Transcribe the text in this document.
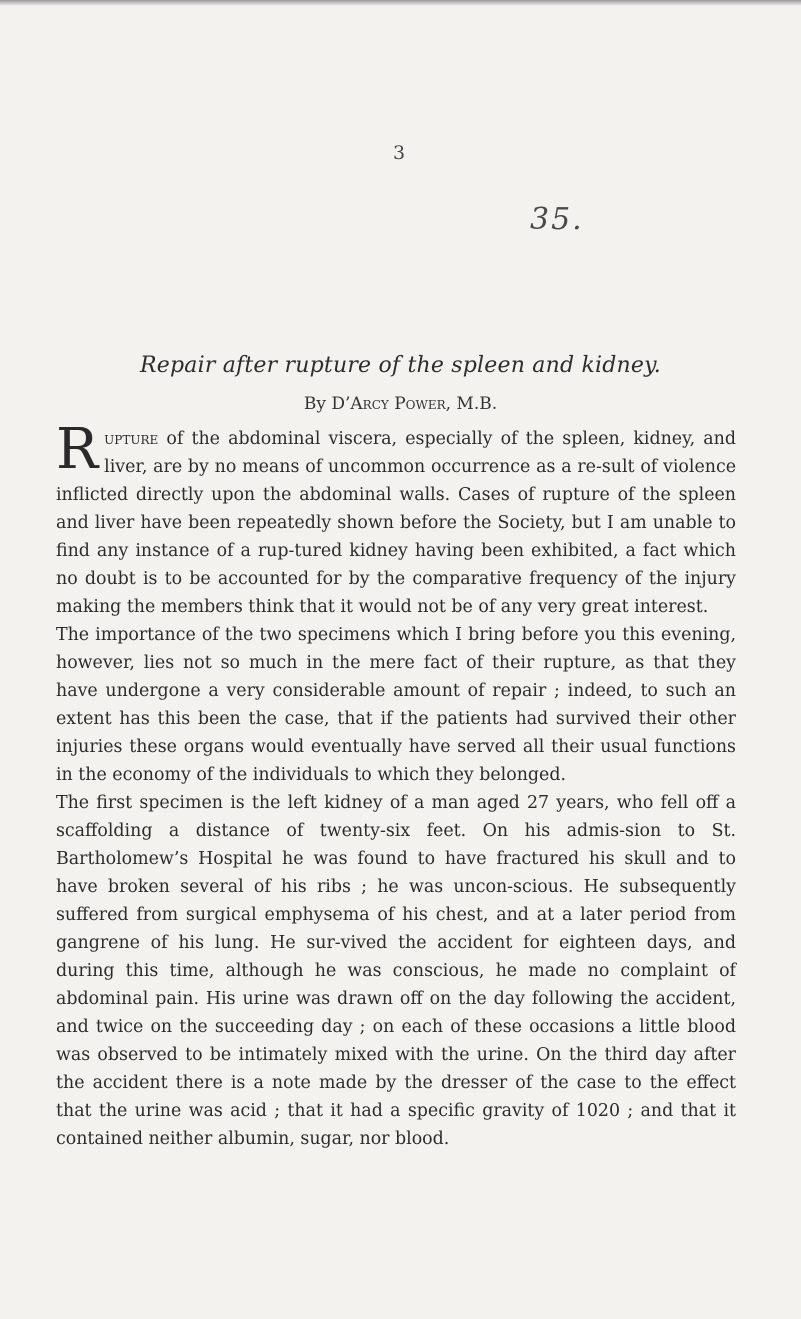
3
35.
Repair after rupture of the spleen and kidney.
By D’Arcy Power, M.B.

Rupture of the abdominal viscera, especially of the spleen, kidney, and liver, are by no means of uncommon occurrence as a re-sult of violence inflicted directly upon the abdominal walls. Cases of rupture of the spleen and liver have been repeatedly shown before the Society, but I am unable to find any instance of a rup-tured kidney having been exhibited, a fact which no doubt is to be accounted for by the comparative frequency of the injury making the members think that it would not be of any very great interest.

The importance of the two specimens which I bring before you this evening, however, lies not so much in the mere fact of their rupture, as that they have undergone a very considerable amount of repair ; indeed, to such an extent has this been the case, that if the patients had survived their other injuries these organs would eventually have served all their usual functions in the economy of the individuals to which they belonged.

The first specimen is the left kidney of a man aged 27 years, who fell off a scaffolding a distance of twenty-six feet. On his admis-sion to St. Bartholomew’s Hospital he was found to have fractured his skull and to have broken several of his ribs ; he was uncon-scious. He subsequently suffered from surgical emphysema of his chest, and at a later period from gangrene of his lung. He sur-vived the accident for eighteen days, and during this time, although he was conscious, he made no complaint of abdominal pain. His urine was drawn off on the day following the accident, and twice on the succeeding day ; on each of these occasions a little blood was observed to be intimately mixed with the urine. On the third day after the accident there is a note made by the dresser of the case to the effect that the urine was acid ; that it had a specific gravity of 1020 ; and that it contained neither albumin, sugar, nor blood.
